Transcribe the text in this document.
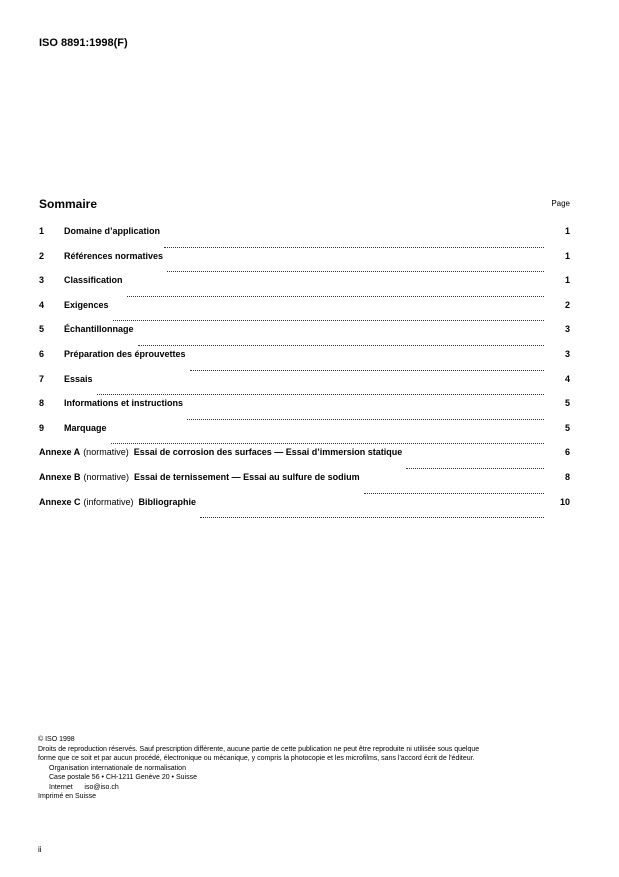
ISO 8891:1998(F)
Sommaire	Page
1	Domaine d’application	1
2	Références normatives	1
3	Classification	1
4	Exigences	2
5	Échantillonnage	3
6	Préparation des éprouvettes	3
7	Essais	4
8	Informations et instructions	5
9	Marquage	5
Annexe A (normative) Essai de corrosion des surfaces — Essai d’immersion statique	6
Annexe B (normative) Essai de ternissement — Essai au sulfure de sodium	8
Annexe C (informative) Bibliographie	10
© ISO 1998
Droits de reproduction réservés. Sauf prescription différente, aucune partie de cette publication ne peut être reproduite ni utilisée sous quelque
forme que ce soit et par aucun procédé, électronique ou mécanique, y compris la photocopie et les microfilms, sans l'accord écrit de l'éditeur.
Organisation internationale de normalisation
Case postale 56 • CH-1211 Genève 20 • Suisse
Internet      iso@iso.ch
Imprimé en Suisse
ii
